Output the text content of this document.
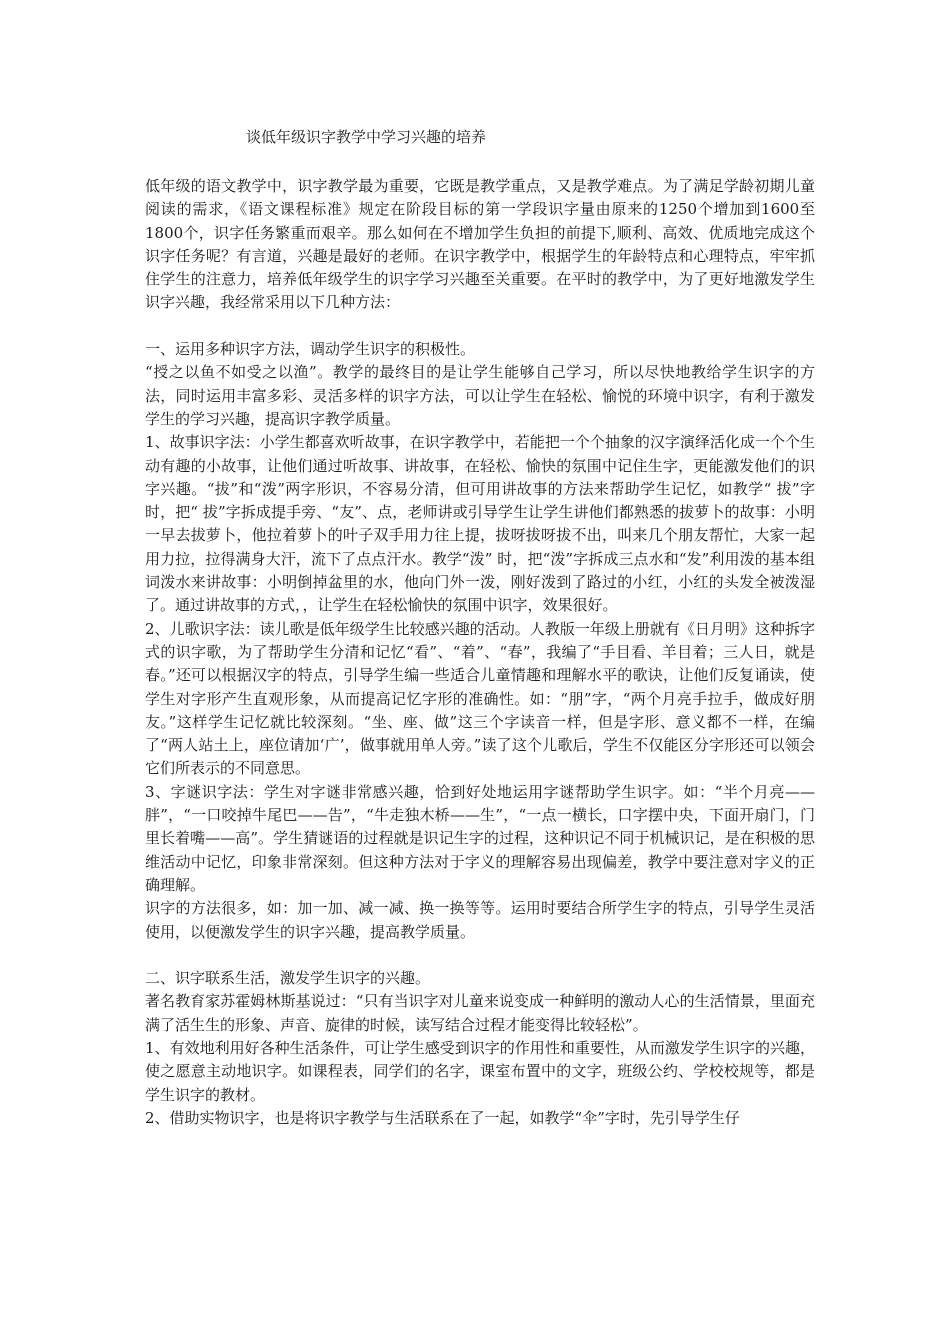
谈低年级识字教学中学习兴趣的培养

低年级的语文教学中，识字教学最为重要，它既是教学重点，又是教学难点。为了满足学龄初期儿童阅读的需求，《语文课程标准》规定在阶段目标的第一学段识字量由原来的1250个增加到1600至1800个，识字任务繁重而艰辛。那么如何在不增加学生负担的前提下,顺利、高效、优质地完成这个识字任务呢？有言道，兴趣是最好的老师。在识字教学中，根据学生的年龄特点和心理特点，牢牢抓住学生的注意力，培养低年级学生的识字学习兴趣至关重要。在平时的教学中，为了更好地激发学生识字兴趣，我经常采用以下几种方法：

一、运用多种识字方法，调动学生识字的积极性。

“授之以鱼不如受之以渔”。教学的最终目的是让学生能够自己学习，所以尽快地教给学生识字的方法，同时运用丰富多彩、灵活多样的识字方法，可以让学生在轻松、愉悦的环境中识字，有利于激发学生的学习兴趣，提高识字教学质量。

1、故事识字法：小学生都喜欢听故事，在识字教学中，若能把一个个抽象的汉字演绎活化成一个个生动有趣的小故事，让他们通过听故事、讲故事，在轻松、愉快的氛围中记住生字，更能激发他们的识字兴趣。“拔”和“泼”两字形识，不容易分清，但可用讲故事的方法来帮助学生记忆，如教学“ 拔”字时，把“ 拔”字拆成提手旁、“友”、点，老师讲或引导学生让学生讲他们都熟悉的拔萝卜的故事：小明一早去拔萝卜，他拉着萝卜的叶子双手用力往上提，拔呀拔呀拔不出，叫来几个朋友帮忙，大家一起用力拉，拉得满身大汗，流下了点点汗水。教学“泼” 时，把“泼”字拆成三点水和“发”利用泼的基本组词泼水来讲故事：小明倒掉盆里的水，他向门外一泼，刚好泼到了路过的小红，小红的头发全被泼湿了。通过讲故事的方式，，让学生在轻松愉快的氛围中识字，效果很好。

2、儿歌识字法：读儿歌是低年级学生比较感兴趣的活动。人教版一年级上册就有《日月明》这种拆字式的识字歌，为了帮助学生分清和记忆“看”、“着”、“春”，我编了“手目看、羊目着；三人日，就是春。”还可以根据汉字的特点，引导学生编一些适合儿童情趣和理解水平的歌诀，让他们反复诵读，使学生对字形产生直观形象，从而提高记忆字形的准确性。如：“朋”字，“两个月亮手拉手，做成好朋友。”这样学生记忆就比较深刻。“坐、座、做”这三个字读音一样，但是字形、意义都不一样，在编了“两人站土上，座位请加‘广’，做事就用单人旁。”读了这个儿歌后，学生不仅能区分字形还可以领会它们所表示的不同意思。

3、字谜识字法：学生对字谜非常感兴趣，恰到好处地运用字谜帮助学生识字。如：“半个月亮——胖”，“一口咬掉牛尾巴——告”，“牛走独木桥——生”，“一点一横长，口字摆中央，下面开扇门，门里长着嘴——高”。学生猜谜语的过程就是识记生字的过程，这种识记不同于机械识记，是在积极的思维活动中记忆，印象非常深刻。但这种方法对于字义的理解容易出现偏差，教学中要注意对字义的正确理解。

识字的方法很多，如：加一加、减一减、换一换等等。运用时要结合所学生字的特点，引导学生灵活使用，以便激发学生的识字兴趣，提高教学质量。

二、识字联系生活，激发学生识字的兴趣。

著名教育家苏霍姆林斯基说过：“只有当识字对儿童来说变成一种鲜明的激动人心的生活情景，里面充满了活生生的形象、声音、旋律的时候，读写结合过程才能变得比较轻松”。

1、有效地利用好各种生活条件，可让学生感受到识字的作用性和重要性，从而激发学生识字的兴趣，使之愿意主动地识字。如课程表，同学们的名字，课室布置中的文字，班级公约、学校校规等，都是学生识字的教材。

2、借助实物识字，也是将识字教学与生活联系在了一起，如教学“伞”字时，先引导学生仔
